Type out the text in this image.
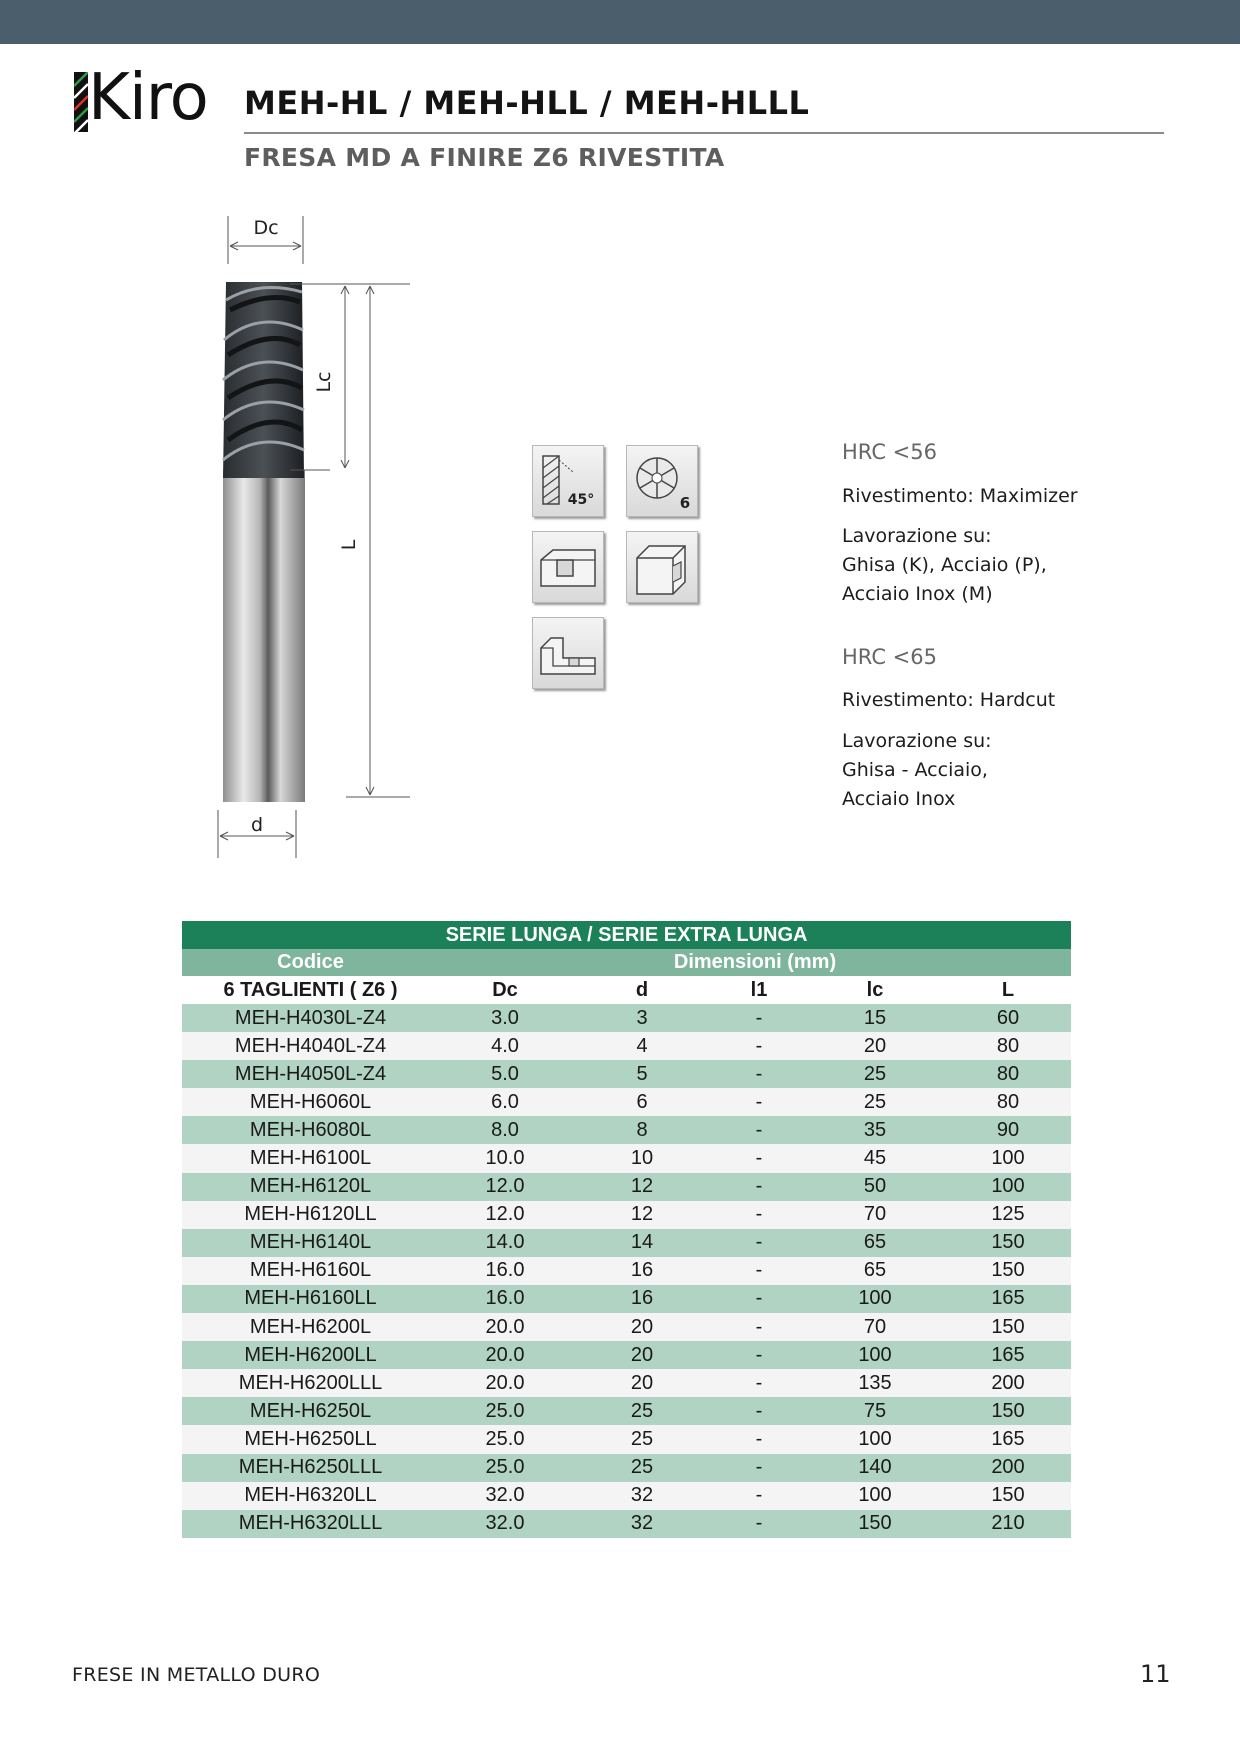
Kiro MEH-HL / MEH-HLL / MEH-HLLL
FRESA MD A FINIRE Z6 RIVESTITA
Dc
Lc
L
d
45°	6
HRC <56
Rivestimento: Maximizer
Lavorazione su:
Ghisa (K), Acciaio (P),
Acciaio Inox (M)
HRC <65
Rivestimento: Hardcut
Lavorazione su:
Ghisa - Acciaio,
Acciaio Inox
SERIE LUNGA / SERIE EXTRA LUNGA					
Codice	Dimensioni (mm)				
6 TAGLIENTI ( Z6 )	Dc	d	l1	lc	L
MEH-H4030L-Z4	3.0	3	-	15	60
MEH-H4040L-Z4	4.0	4	-	20	80
MEH-H4050L-Z4	5.0	5	-	25	80
MEH-H6060L	6.0	6	-	25	80
MEH-H6080L	8.0	8	-	35	90
MEH-H6100L	10.0	10	-	45	100
MEH-H6120L	12.0	12	-	50	100
MEH-H6120LL	12.0	12	-	70	125
MEH-H6140L	14.0	14	-	65	150
MEH-H6160L	16.0	16	-	65	150
MEH-H6160LL	16.0	16	-	100	165
MEH-H6200L	20.0	20	-	70	150
MEH-H6200LL	20.0	20	-	100	165
MEH-H6200LLL	20.0	20	-	135	200
MEH-H6250L	25.0	25	-	75	150
MEH-H6250LL	25.0	25	-	100	165
MEH-H6250LLL	25.0	25	-	140	200
MEH-H6320LL	32.0	32	-	100	150
MEH-H6320LLL	32.0	32	-	150	210
FRESE IN METALLO DURO	11
